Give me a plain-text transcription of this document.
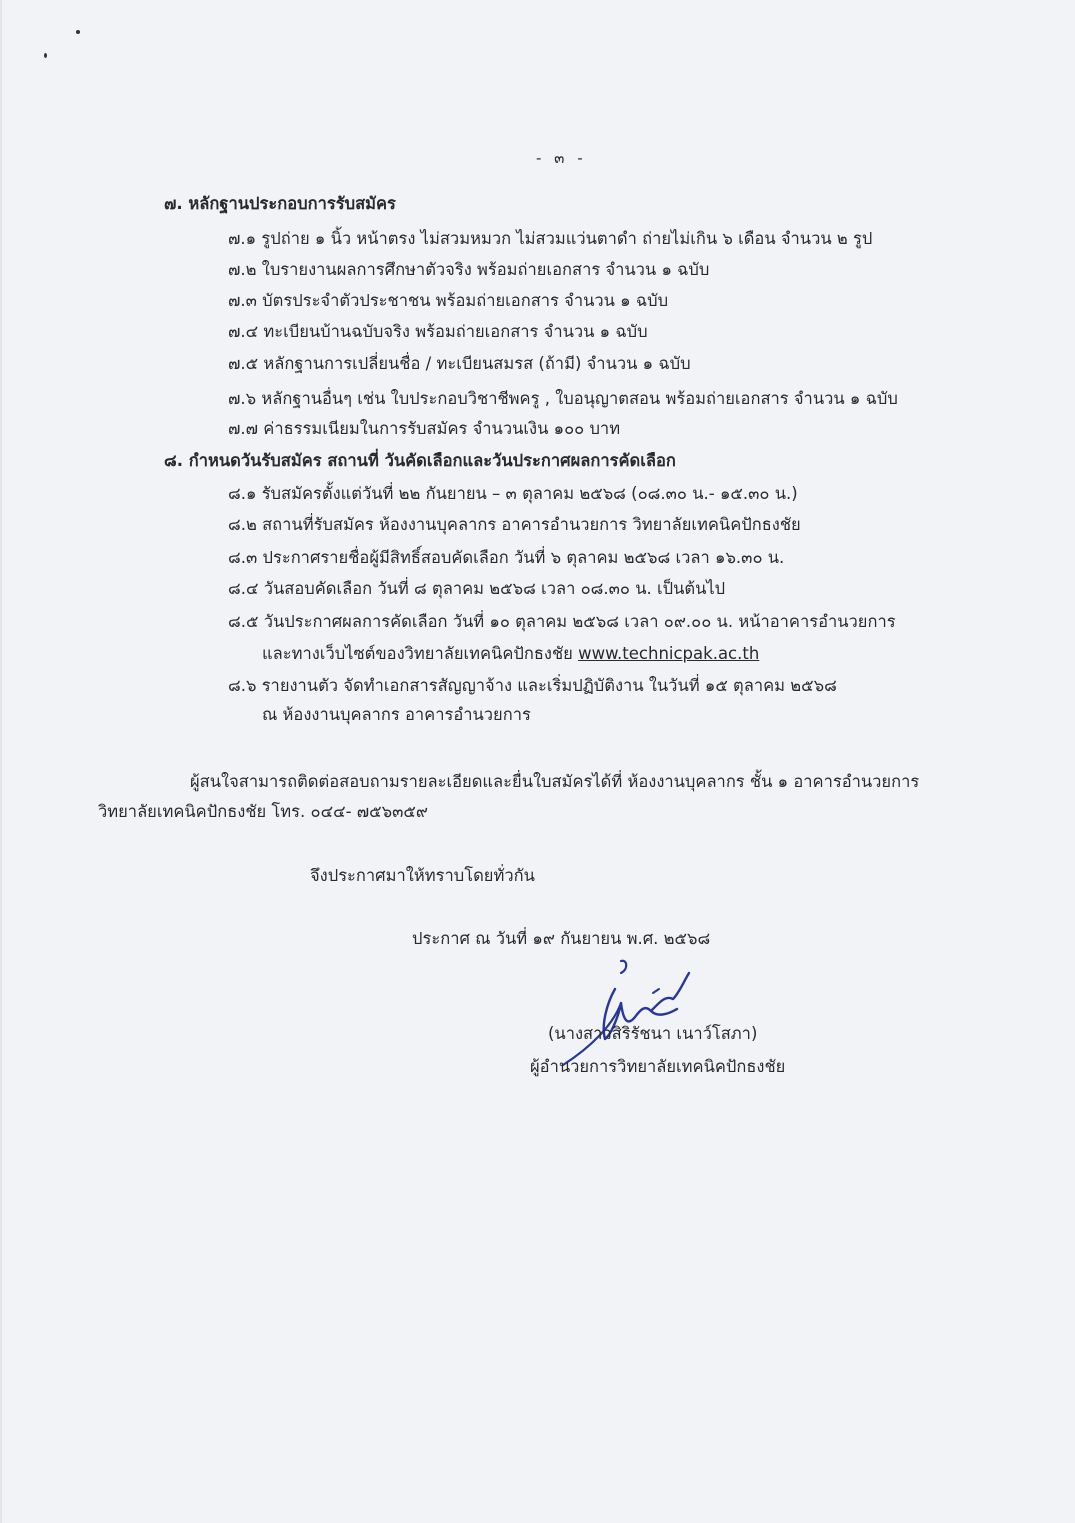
- ๓ -
๗. หลักฐานประกอบการรับสมัคร
๗.๑ รูปถ่าย ๑ นิ้ว หน้าตรง ไม่สวมหมวก ไม่สวมแว่นตาดำ ถ่ายไม่เกิน ๖ เดือน จำนวน ๒ รูป
๗.๒ ใบรายงานผลการศึกษาตัวจริง พร้อมถ่ายเอกสาร จำนวน ๑ ฉบับ
๗.๓ บัตรประจำตัวประชาชน พร้อมถ่ายเอกสาร จำนวน ๑ ฉบับ
๗.๔ ทะเบียนบ้านฉบับจริง พร้อมถ่ายเอกสาร จำนวน ๑ ฉบับ
๗.๕ หลักฐานการเปลี่ยนชื่อ / ทะเบียนสมรส (ถ้ามี) จำนวน ๑ ฉบับ
๗.๖ หลักฐานอื่นๆ เช่น ใบประกอบวิชาชีพครู , ใบอนุญาตสอน พร้อมถ่ายเอกสาร จำนวน ๑ ฉบับ
๗.๗ ค่าธรรมเนียมในการรับสมัคร จำนวนเงิน ๑๐๐ บาท
๘. กำหนดวันรับสมัคร สถานที่ วันคัดเลือกและวันประกาศผลการคัดเลือก
๘.๑ รับสมัครตั้งแต่วันที่ ๒๒ กันยายน – ๓ ตุลาคม ๒๕๖๘ (๐๘.๓๐ น.- ๑๕.๓๐ น.)
๘.๒ สถานที่รับสมัคร ห้องงานบุคลากร อาคารอำนวยการ วิทยาลัยเทคนิคปักธงชัย
๘.๓ ประกาศรายชื่อผู้มีสิทธิ์สอบคัดเลือก วันที่ ๖ ตุลาคม ๒๕๖๘ เวลา ๑๖.๓๐ น.
๘.๔ วันสอบคัดเลือก วันที่ ๘ ตุลาคม ๒๕๖๘ เวลา ๐๘.๓๐ น. เป็นต้นไป
๘.๕ วันประกาศผลการคัดเลือก วันที่ ๑๐ ตุลาคม ๒๕๖๘ เวลา ๐๙.๐๐ น. หน้าอาคารอำนวยการ
และทางเว็บไซต์ของวิทยาลัยเทคนิคปักธงชัย www.technicpak.ac.th
๘.๖ รายงานตัว จัดทำเอกสารสัญญาจ้าง และเริ่มปฏิบัติงาน ในวันที่ ๑๕ ตุลาคม ๒๕๖๘
ณ ห้องงานบุคลากร อาคารอำนวยการ
ผู้สนใจสามารถติดต่อสอบถามรายละเอียดและยื่นใบสมัครได้ที่ ห้องงานบุคลากร ชั้น ๑ อาคารอำนวยการ
วิทยาลัยเทคนิคปักธงชัย โทร. ๐๔๔- ๗๕๖๓๕๙
จึงประกาศมาให้ทราบโดยทั่วกัน
ประกาศ ณ วันที่ ๑๙ กันยายน พ.ศ. ๒๕๖๘
(นางสาวสิริรัชนา เนาว์โสภา)
ผู้อำนวยการวิทยาลัยเทคนิคปักธงชัย
